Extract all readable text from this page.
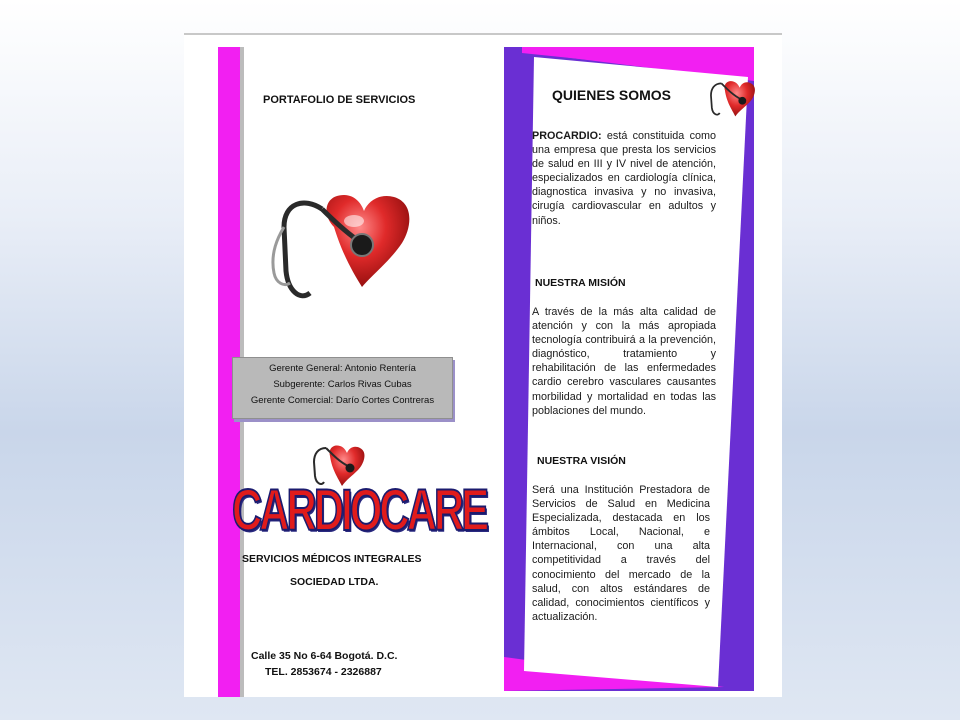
PORTAFOLIO DE SERVICIOS
Gerente General: Antonio Rentería
Subgerente: Carlos Rivas Cubas
Gerente Comercial: Darío Cortes Contreras
CARDIOCARE
SERVICIOS MÉDICOS INTEGRALES
SOCIEDAD LTDA.
Calle 35 No 6-64 Bogotá. D.C.
TEL. 2853674 - 2326887
QUIENES SOMOS
PROCARDIO: está constituida como una empresa que presta los servicios de salud en III y IV nivel de atención, especializados en cardiología clínica, diagnostica invasiva y no invasiva, cirugía cardiovascular en adultos y niños.
NUESTRA MISIÓN
A través de la más alta calidad de atención y con la más apropiada tecnología contribuirá a la prevención, diagnóstico, tratamiento y rehabilitación de las enfermedades cardio cerebro vasculares causantes morbilidad y mortalidad en todas las poblaciones del mundo.
NUESTRA VISIÓN
Será una Institución Prestadora de Servicios de Salud en Medicina Especializada, destacada en los ámbitos Local, Nacional, e Internacional, con una alta competitividad a través del conocimiento del mercado de la salud, con altos estándares de calidad, conocimientos científicos y actualización.
